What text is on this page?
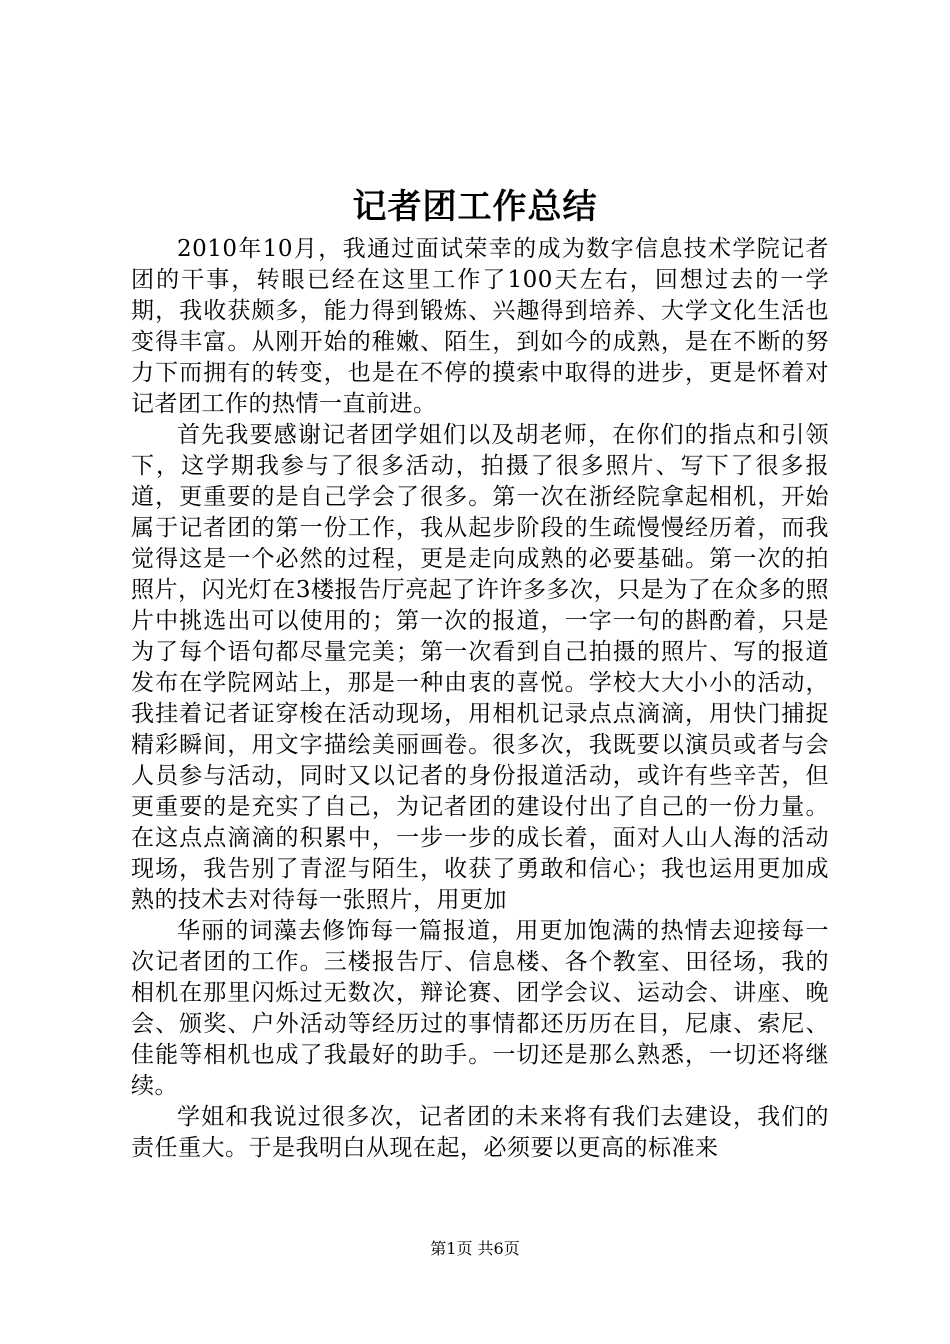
记者团工作总结

2010年10月，我通过面试荣幸的成为数字信息技术学院记者团的干事，转眼已经在这里工作了100天左右，回想过去的一学期，我收获颇多，能力得到锻炼、兴趣得到培养、大学文化生活也变得丰富。从刚开始的稚嫩、陌生，到如今的成熟，是在不断的努力下而拥有的转变，也是在不停的摸索中取得的进步，更是怀着对记者团工作的热情一直前进。

首先我要感谢记者团学姐们以及胡老师，在你们的指点和引领下，这学期我参与了很多活动，拍摄了很多照片、写下了很多报道，更重要的是自己学会了很多。第一次在浙经院拿起相机，开始属于记者团的第一份工作，我从起步阶段的生疏慢慢经历着，而我觉得这是一个必然的过程，更是走向成熟的必要基础。第一次的拍照片，闪光灯在3楼报告厅亮起了许许多多次，只是为了在众多的照片中挑选出可以使用的；第一次的报道，一字一句的斟酌着，只是为了每个语句都尽量完美；第一次看到自己拍摄的照片、写的报道发布在学院网站上，那是一种由衷的喜悦。学校大大小小的活动，我挂着记者证穿梭在活动现场，用相机记录点点滴滴，用快门捕捉精彩瞬间，用文字描绘美丽画卷。很多次，我既要以演员或者与会人员参与活动，同时又以记者的身份报道活动，或许有些辛苦，但更重要的是充实了自己，为记者团的建设付出了自己的一份力量。在这点点滴滴的积累中，一步一步的成长着，面对人山人海的活动现场，我告别了青涩与陌生，收获了勇敢和信心；我也运用更加成熟的技术去对待每一张照片，用更加

华丽的词藻去修饰每一篇报道，用更加饱满的热情去迎接每一次记者团的工作。三楼报告厅、信息楼、各个教室、田径场，我的相机在那里闪烁过无数次，辩论赛、团学会议、运动会、讲座、晚会、颁奖、户外活动等经历过的事情都还历历在目，尼康、索尼、佳能等相机也成了我最好的助手。一切还是那么熟悉，一切还将继续。

学姐和我说过很多次，记者团的未来将有我们去建设，我们的责任重大。于是我明白从现在起，必须要以更高的标准来

第1页 共6页
